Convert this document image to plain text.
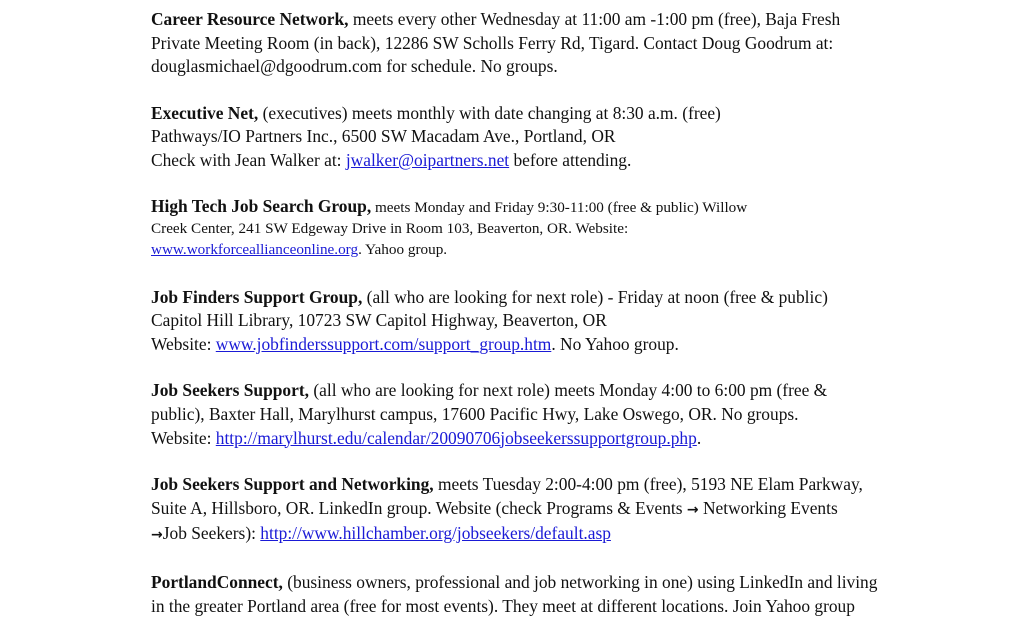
Career Resource Network, meets every other Wednesday at 11:00 am -1:00 pm (free), Baja Fresh
Private Meeting Room (in back), 12286 SW Scholls Ferry Rd, Tigard. Contact Doug Goodrum at:
douglasmichael@dgoodrum.com for schedule. No groups.
Executive Net, (executives) meets monthly with date changing at 8:30 a.m. (free)
Pathways/IO Partners Inc., 6500 SW Macadam Ave., Portland, OR
Check with Jean Walker at: jwalker@oipartners.net before attending.
High Tech Job Search Group, meets Monday and Friday 9:30-11:00 (free & public) Willow
Creek Center, 241 SW Edgeway Drive in Room 103, Beaverton, OR. Website:
www.workforceallianceonline.org. Yahoo group.
Job Finders Support Group, (all who are looking for next role) - Friday at noon (free & public)
Capitol Hill Library, 10723 SW Capitol Highway, Beaverton, OR
Website: www.jobfinderssupport.com/support_group.htm. No Yahoo group.
Job Seekers Support, (all who are looking for next role) meets Monday 4:00 to 6:00 pm (free &
public), Baxter Hall, Marylhurst campus, 17600 Pacific Hwy, Lake Oswego, OR. No groups.
Website: http://marylhurst.edu/calendar/20090706jobseekerssupportgroup.php.
Job Seekers Support and Networking, meets Tuesday 2:00-4:00 pm (free), 5193 NE Elam Parkway,
Suite A, Hillsboro, OR. LinkedIn group. Website (check Programs & Events → Networking Events
→Job Seekers): http://www.hillchamber.org/jobseekers/default.asp
PortlandConnect, (business owners, professional and job networking in one) using LinkedIn and living
in the greater Portland area (free for most events). They meet at different locations. Join Yahoo group
